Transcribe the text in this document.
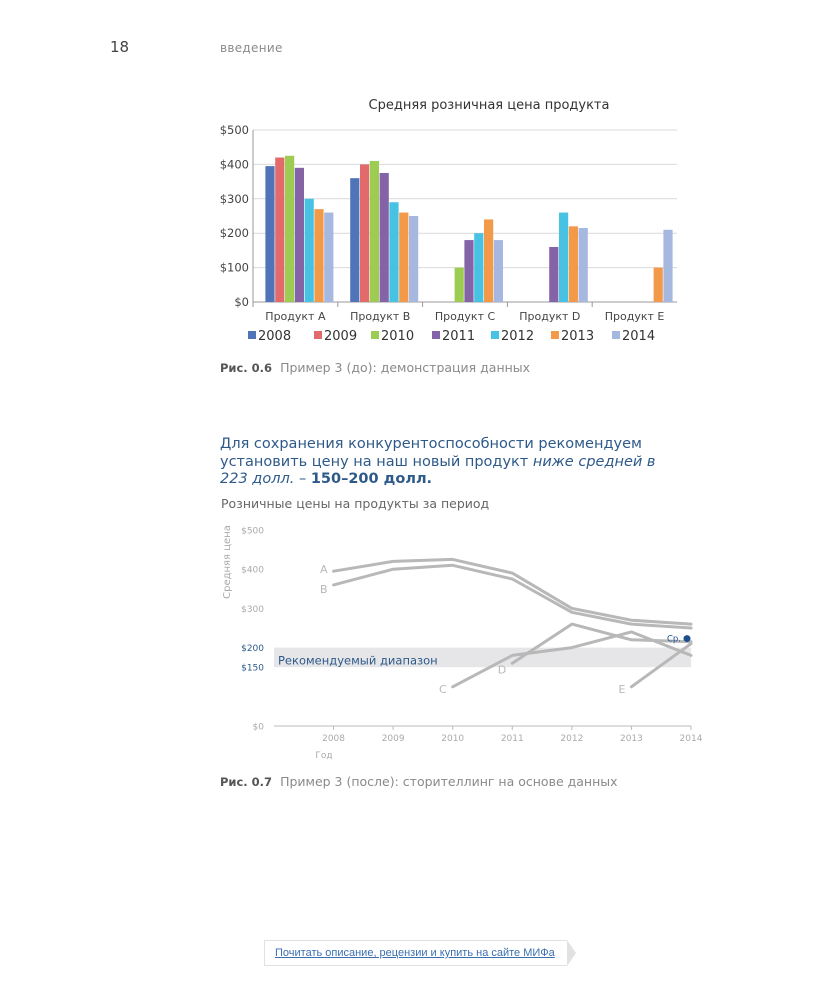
18	введение
Средняя розничная цена продукта
$0
$100
$200
$300
$400
$500
Продукт A Продукт B Продукт C Продукт D Продукт E
2008	2009 2010 2011 2012 2013 2014
Рис. 0.6 Пример 3 (до): демонстрация данных
Для сохранения конкурентоспособности рекомендуем установить цену на наш новый продукт ниже средней в 223 долл. – 150–200 долл.
Розничные цены на продукты за период
Средняя цена
Рекомендуемый диапазон
$0
$150
$200
$300
$400
$500
2008	2009	2010	2011	2012	2013	2014
Год
A
B
C
D
E
Ср.
Рис. 0.7 Пример 3 (после): сторителлинг на основе данных
Почитать описание, рецензии и купить на сайте МИФа
